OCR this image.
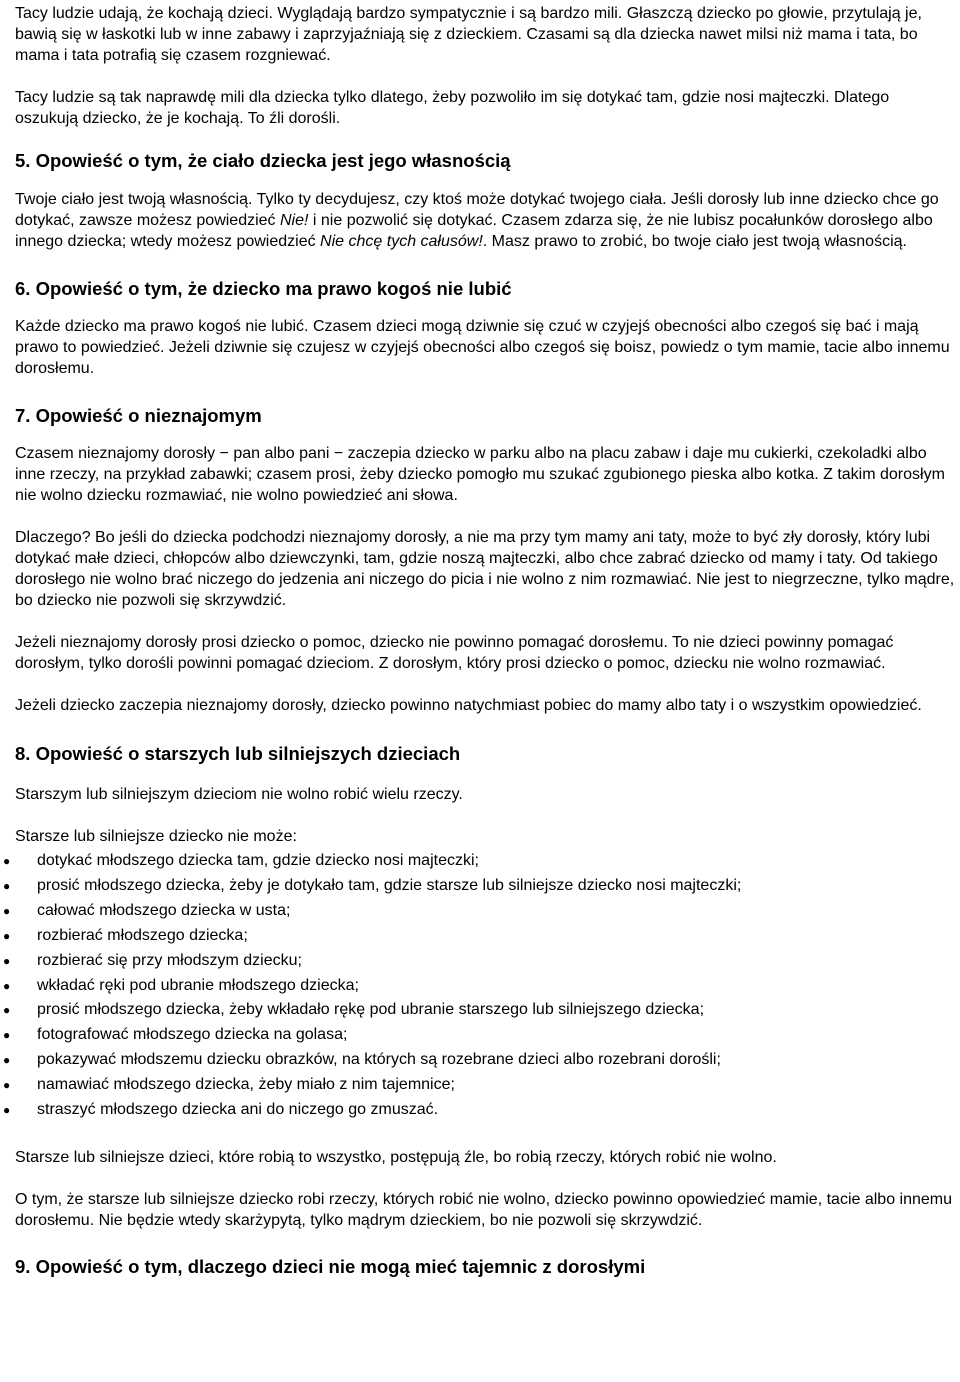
Tacy ludzie udają, że kochają dzieci. Wyglądają bardzo sympatycznie i są bardzo mili. Głaszczą dziecko po głowie, przytulają je, bawią się w łaskotki lub w inne zabawy i zaprzyjaźniają się z dzieckiem. Czasami są dla dziecka nawet milsi niż mama i tata, bo mama i tata potrafią się czasem rozgniewać.

Tacy ludzie są tak naprawdę mili dla dziecka tylko dlatego, żeby pozwoliło im się dotykać tam, gdzie nosi majteczki. Dlatego oszukują dziecko, że je kochają. To źli dorośli.

5. Opowieść o tym, że ciało dziecka jest jego własnością

Twoje ciało jest twoją własnością. Tylko ty decydujesz, czy ktoś może dotykać twojego ciała. Jeśli dorosły lub inne dziecko chce go dotykać, zawsze możesz powiedzieć Nie! i nie pozwolić się dotykać. Czasem zdarza się, że nie lubisz pocałunków dorosłego albo innego dziecka; wtedy możesz powiedzieć Nie chcę tych całusów!. Masz prawo to zrobić, bo twoje ciało jest twoją własnością.

6. Opowieść o tym, że dziecko ma prawo kogoś nie lubić

Każde dziecko ma prawo kogoś nie lubić. Czasem dzieci mogą dziwnie się czuć w czyjejś obecności albo czegoś się bać i mają prawo to powiedzieć. Jeżeli dziwnie się czujesz w czyjejś obecności albo czegoś się boisz, powiedz o tym mamie, tacie albo innemu dorosłemu.

7. Opowieść o nieznajomym

Czasem nieznajomy dorosły − pan albo pani − zaczepia dziecko w parku albo na placu zabaw i daje mu cukierki, czekoladki albo inne rzeczy, na przykład zabawki; czasem prosi, żeby dziecko pomogło mu szukać zgubionego pieska albo kotka. Z takim dorosłym nie wolno dziecku rozmawiać, nie wolno powiedzieć ani słowa.

Dlaczego? Bo jeśli do dziecka podchodzi nieznajomy dorosły, a nie ma przy tym mamy ani taty, może to być zły dorosły, który lubi dotykać małe dzieci, chłopców albo dziewczynki, tam, gdzie noszą majteczki, albo chce zabrać dziecko od mamy i taty. Od takiego dorosłego nie wolno brać niczego do jedzenia ani niczego do picia i nie wolno z nim rozmawiać. Nie jest to niegrzeczne, tylko mądre, bo dziecko nie pozwoli się skrzywdzić.

Jeżeli nieznajomy dorosły prosi dziecko o pomoc, dziecko nie powinno pomagać dorosłemu. To nie dzieci powinny pomagać dorosłym, tylko dorośli powinni pomagać dzieciom. Z dorosłym, który prosi dziecko o pomoc, dziecku nie wolno rozmawiać.

Jeżeli dziecko zaczepia nieznajomy dorosły, dziecko powinno natychmiast pobiec do mamy albo taty i o wszystkim opowiedzieć.

8. Opowieść o starszych lub silniejszych dzieciach

Starszym lub silniejszym dzieciom nie wolno robić wielu rzeczy.

Starsze lub silniejsze dziecko nie może:

● dotykać młodszego dziecka tam, gdzie dziecko nosi majteczki;
● prosić młodszego dziecka, żeby je dotykało tam, gdzie starsze lub silniejsze dziecko nosi majteczki;
● całować młodszego dziecka w usta;
● rozbierać młodszego dziecka;
● rozbierać się przy młodszym dziecku;
● wkładać ręki pod ubranie młodszego dziecka;
● prosić młodszego dziecka, żeby wkładało rękę pod ubranie starszego lub silniejszego dziecka;
● fotografować młodszego dziecka na golasa;
● pokazywać młodszemu dziecku obrazków, na których są rozebrane dzieci albo rozebrani dorośli;
● namawiać młodszego dziecka, żeby miało z nim tajemnice;
● straszyć młodszego dziecka ani do niczego go zmuszać.

Starsze lub silniejsze dzieci, które robią to wszystko, postępują źle, bo robią rzeczy, których robić nie wolno.

O tym, że starsze lub silniejsze dziecko robi rzeczy, których robić nie wolno, dziecko powinno opowiedzieć mamie, tacie albo innemu dorosłemu. Nie będzie wtedy skarżypytą, tylko mądrym dzieckiem, bo nie pozwoli się skrzywdzić.

9. Opowieść o tym, dlaczego dzieci nie mogą mieć tajemnic z dorosłymi
